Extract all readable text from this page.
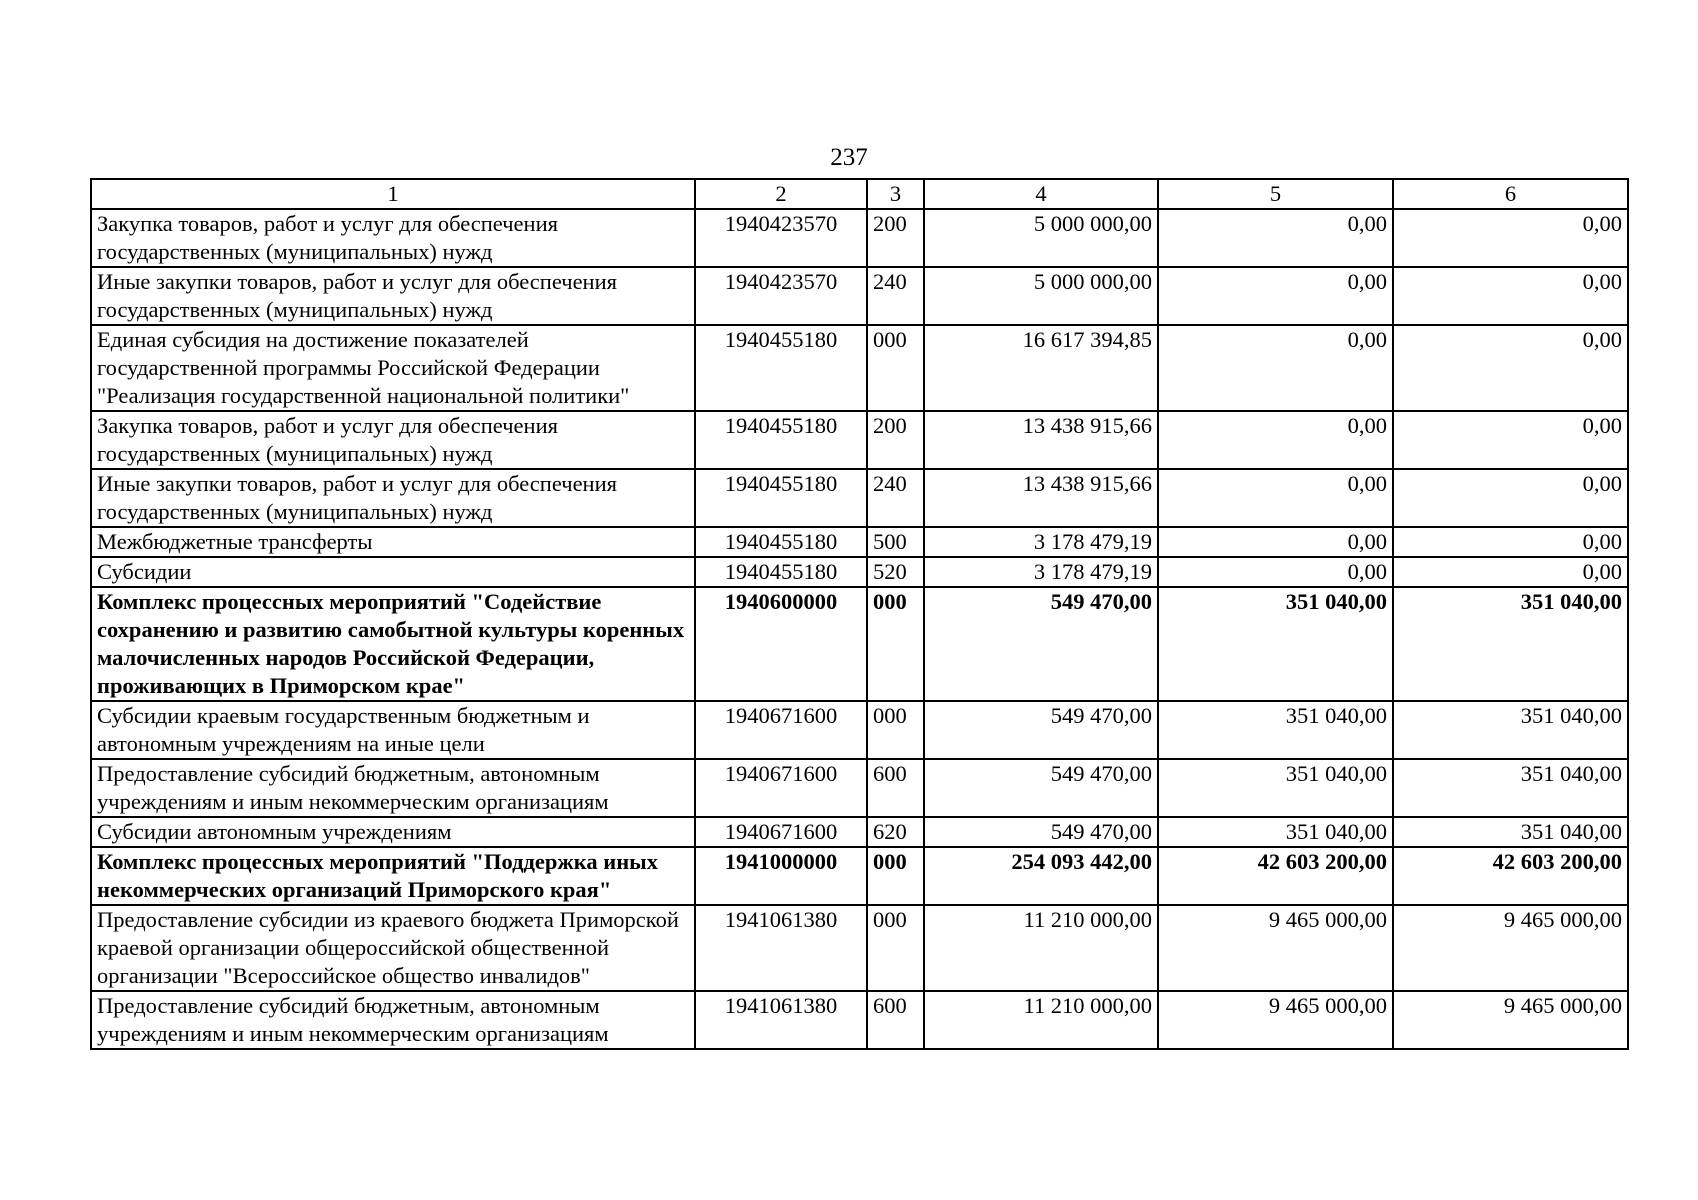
237
1	2	3	4	5	6
Закупка товаров, работ и услуг для обеспечения государственных (муниципальных) нужд	1940423570	200	5 000 000,00	0,00	0,00
Иные закупки товаров, работ и услуг для обеспечения государственных (муниципальных) нужд	1940423570	240	5 000 000,00	0,00	0,00
Единая субсидия на достижение показателей государственной программы Российской Федерации "Реализация государственной национальной политики"	1940455180	000	16 617 394,85	0,00	0,00
Закупка товаров, работ и услуг для обеспечения государственных (муниципальных) нужд	1940455180	200	13 438 915,66	0,00	0,00
Иные закупки товаров, работ и услуг для обеспечения государственных (муниципальных) нужд	1940455180	240	13 438 915,66	0,00	0,00
Межбюджетные трансферты	1940455180	500	3 178 479,19	0,00	0,00
Субсидии	1940455180	520	3 178 479,19	0,00	0,00
Комплекс процессных мероприятий "Содействие сохранению и развитию самобытной культуры коренных малочисленных народов Российской Федерации, проживающих в Приморском крае"	1940600000	000	549 470,00	351 040,00	351 040,00
Субсидии краевым государственным бюджетным и автономным учреждениям на иные цели	1940671600	000	549 470,00	351 040,00	351 040,00
Предоставление субсидий бюджетным, автономным учреждениям и иным некоммерческим организациям	1940671600	600	549 470,00	351 040,00	351 040,00
Субсидии автономным учреждениям	1940671600	620	549 470,00	351 040,00	351 040,00
Комплекс процессных мероприятий "Поддержка иных некоммерческих организаций Приморского края"	1941000000	000	254 093 442,00	42 603 200,00	42 603 200,00
Предоставление субсидии из краевого бюджета Приморской краевой организации общероссийской общественной организации "Всероссийское общество инвалидов"	1941061380	000	11 210 000,00	9 465 000,00	9 465 000,00
Предоставление субсидий бюджетным, автономным учреждениям и иным некоммерческим организациям	1941061380	600	11 210 000,00	9 465 000,00	9 465 000,00
